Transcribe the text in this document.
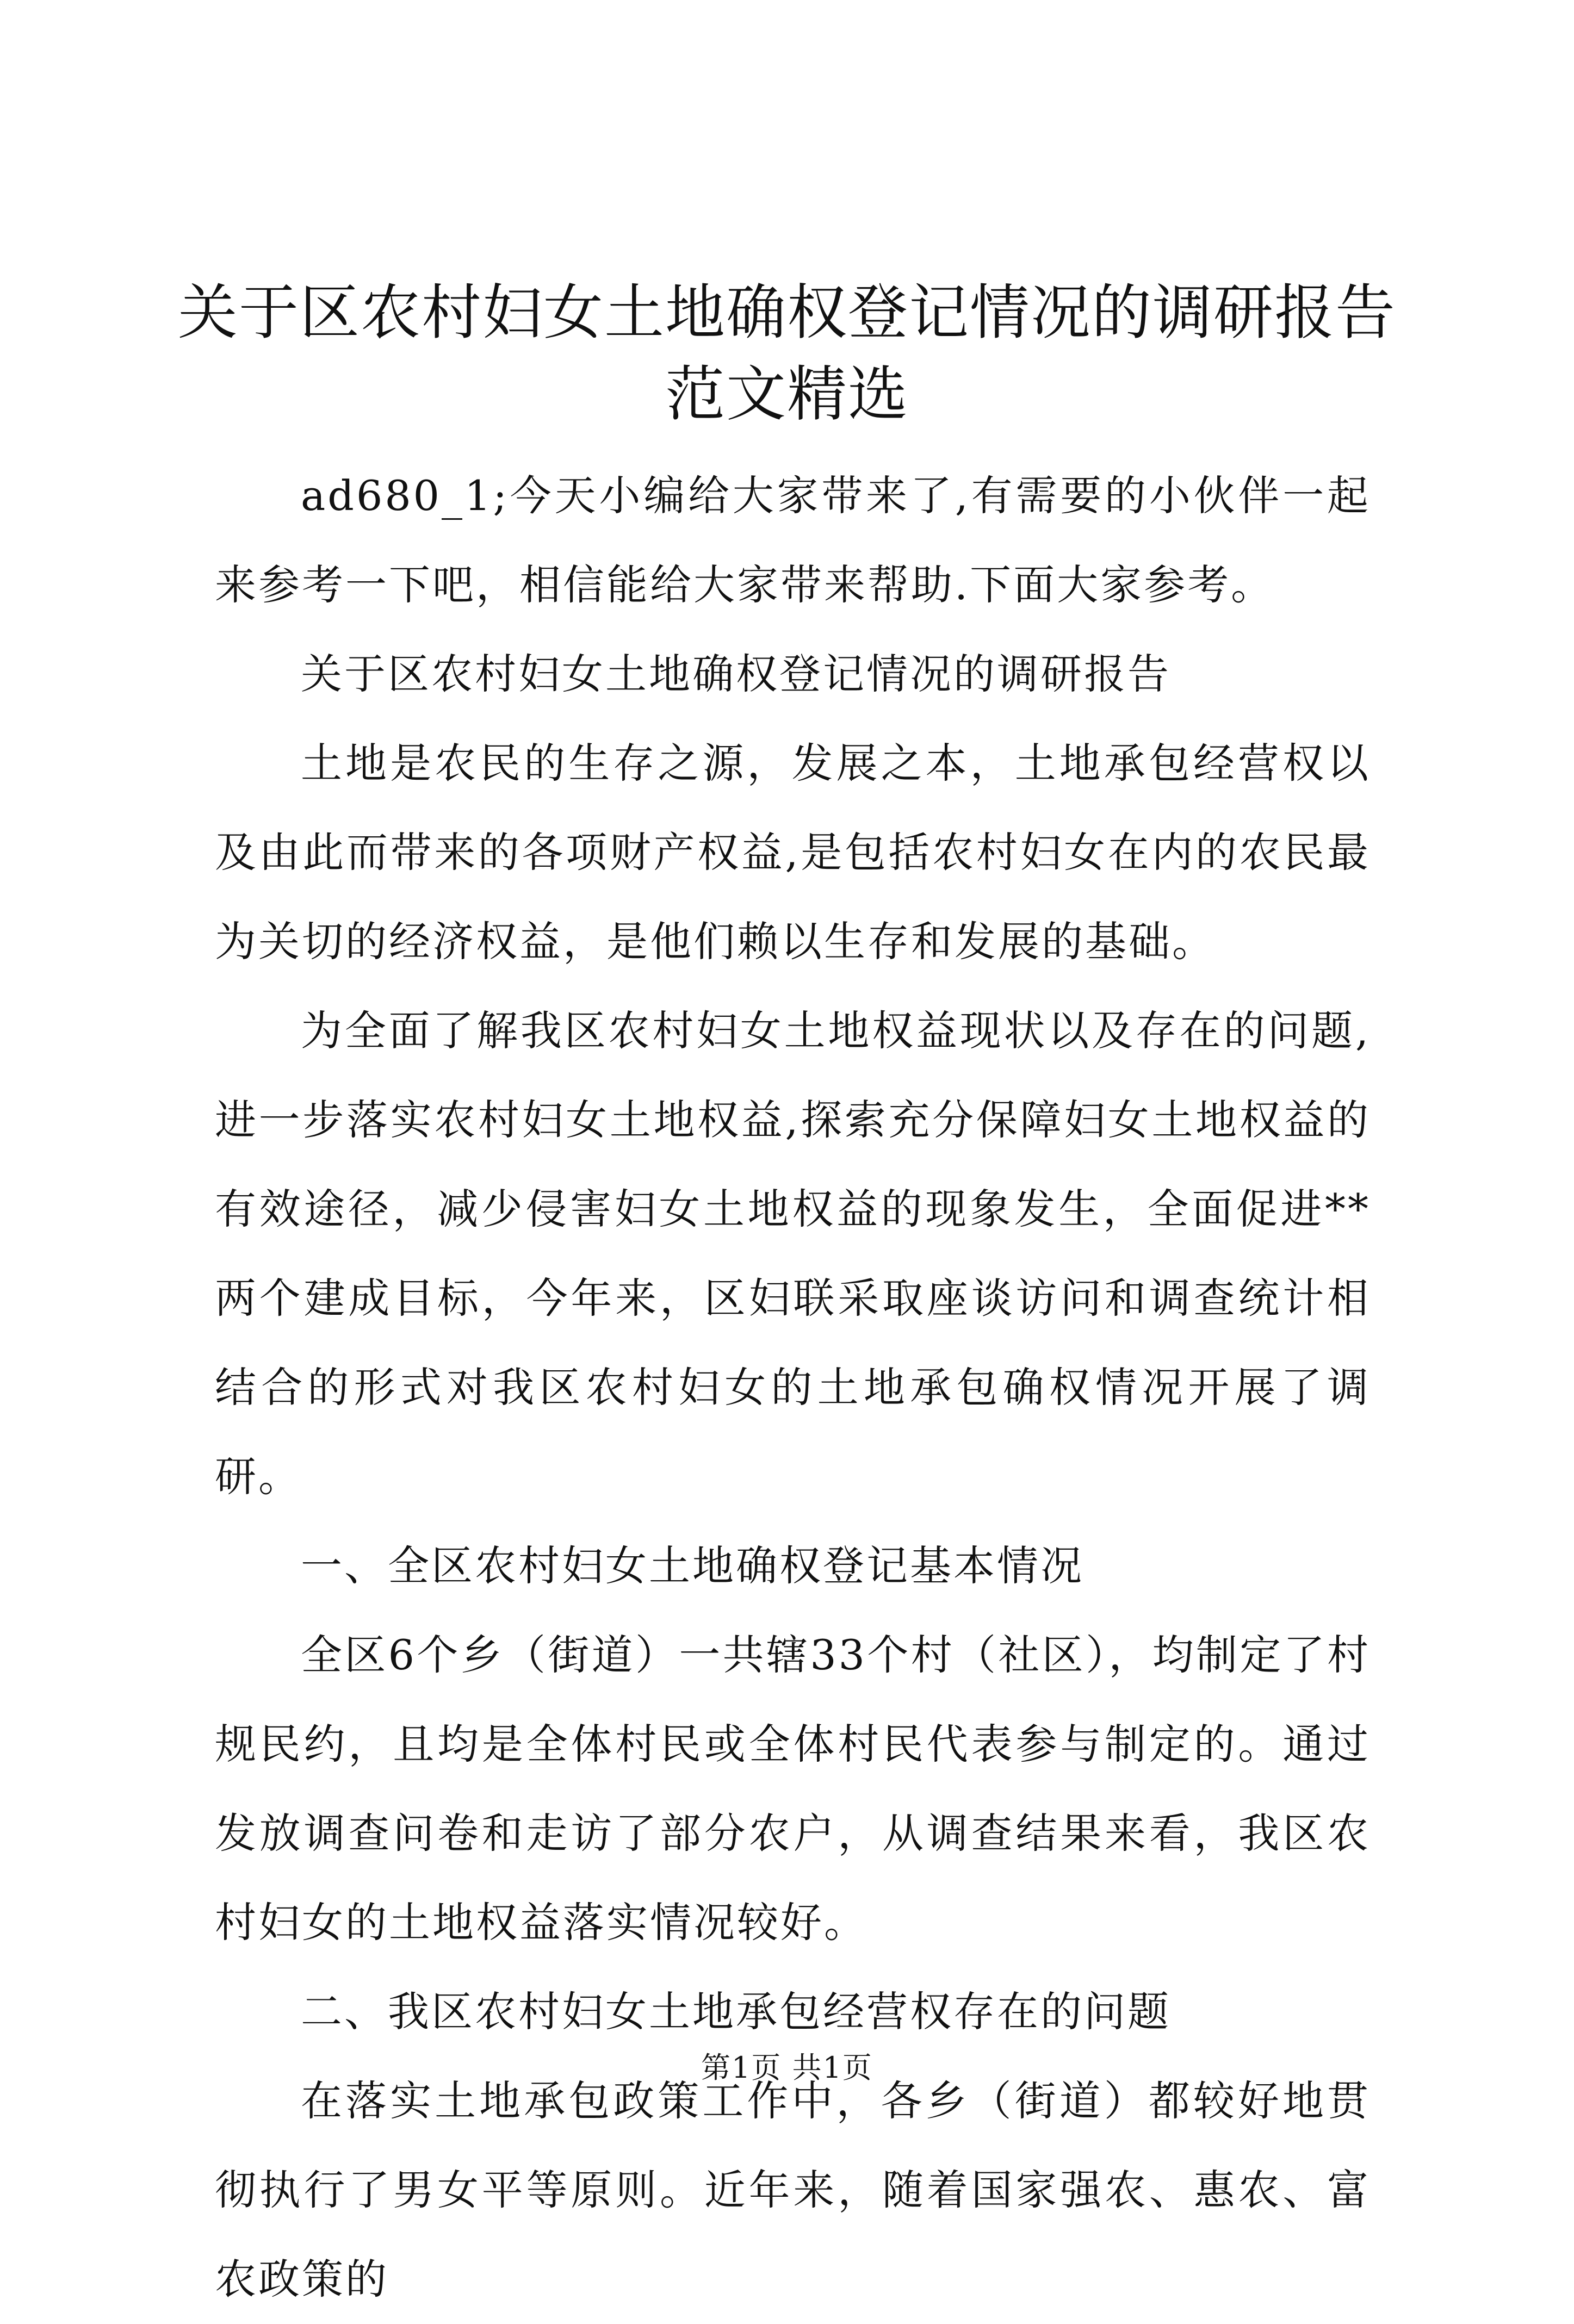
关于区农村妇女土地确权登记情况的调研报告范文精选

ad680_1;今天小编给大家带来了,有需要的小伙伴一起来参考一下吧，相信能给大家带来帮助.下面大家参考。

关于区农村妇女土地确权登记情况的调研报告

土地是农民的生存之源，发展之本，土地承包经营权以及由此而带来的各项财产权益,是包括农村妇女在内的农民最为关切的经济权益，是他们赖以生存和发展的基础。

为全面了解我区农村妇女土地权益现状以及存在的问题,进一步落实农村妇女土地权益,探索充分保障妇女土地权益的有效途径，减少侵害妇女土地权益的现象发生，全面促进**两个建成目标，今年来，区妇联采取座谈访问和调查统计相结合的形式对我区农村妇女的土地承包确权情况开展了调研。

一、全区农村妇女土地确权登记基本情况

全区6个乡（街道）一共辖33个村（社区），均制定了村规民约，且均是全体村民或全体村民代表参与制定的。通过发放调查问卷和走访了部分农户，从调查结果来看，我区农村妇女的土地权益落实情况较好。

二、我区农村妇女土地承包经营权存在的问题

在落实土地承包政策工作中，各乡（街道）都较好地贯彻执行了男女平等原则。近年来，随着国家强农、惠农、富农政策的

第1页 共1页
